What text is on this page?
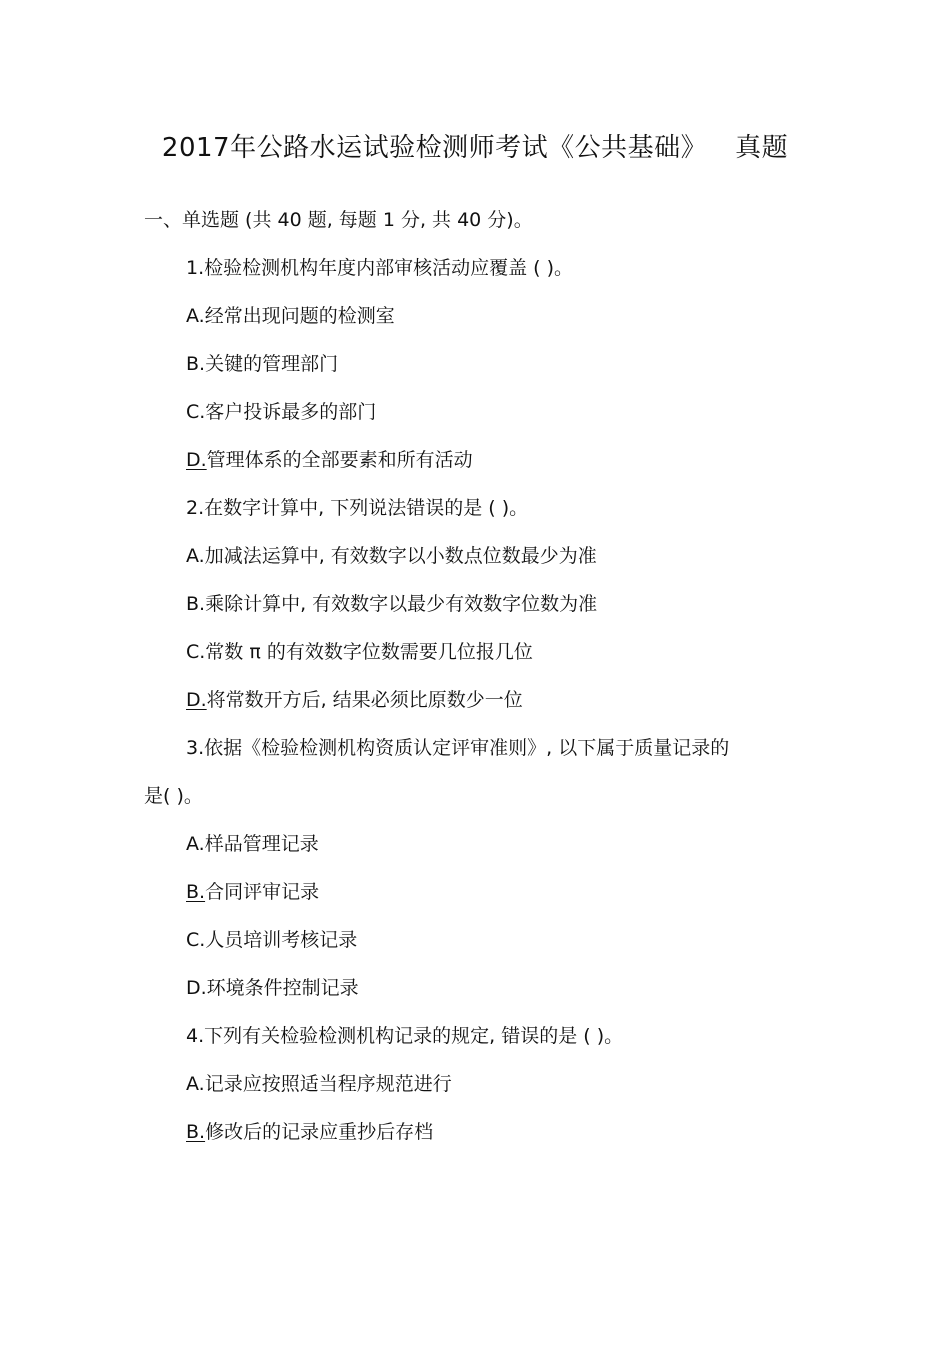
2017年公路水运试验检测师考试《公共基础》 真题
一、单选题 (共 40 题, 每题 1 分, 共 40 分)。
1.检验检测机构年度内部审核活动应覆盖 ( )。
A.经常出现问题的检测室
B.关键的管理部门
C.客户投诉最多的部门
D.管理体系的全部要素和所有活动
2.在数字计算中, 下列说法错误的是 ( )。
A.加减法运算中, 有效数字以小数点位数最少为准
B.乘除计算中, 有效数字以最少有效数字位数为准
C.常数 π 的有效数字位数需要几位报几位
D.将常数开方后, 结果必须比原数少一位
3.依据《检验检测机构资质认定评审准则》, 以下属于质量记录的
是( )。
A.样品管理记录
B.合同评审记录
C.人员培训考核记录
D.环境条件控制记录
4.下列有关检验检测机构记录的规定, 错误的是 ( )。
A.记录应按照适当程序规范进行
B.修改后的记录应重抄后存档
